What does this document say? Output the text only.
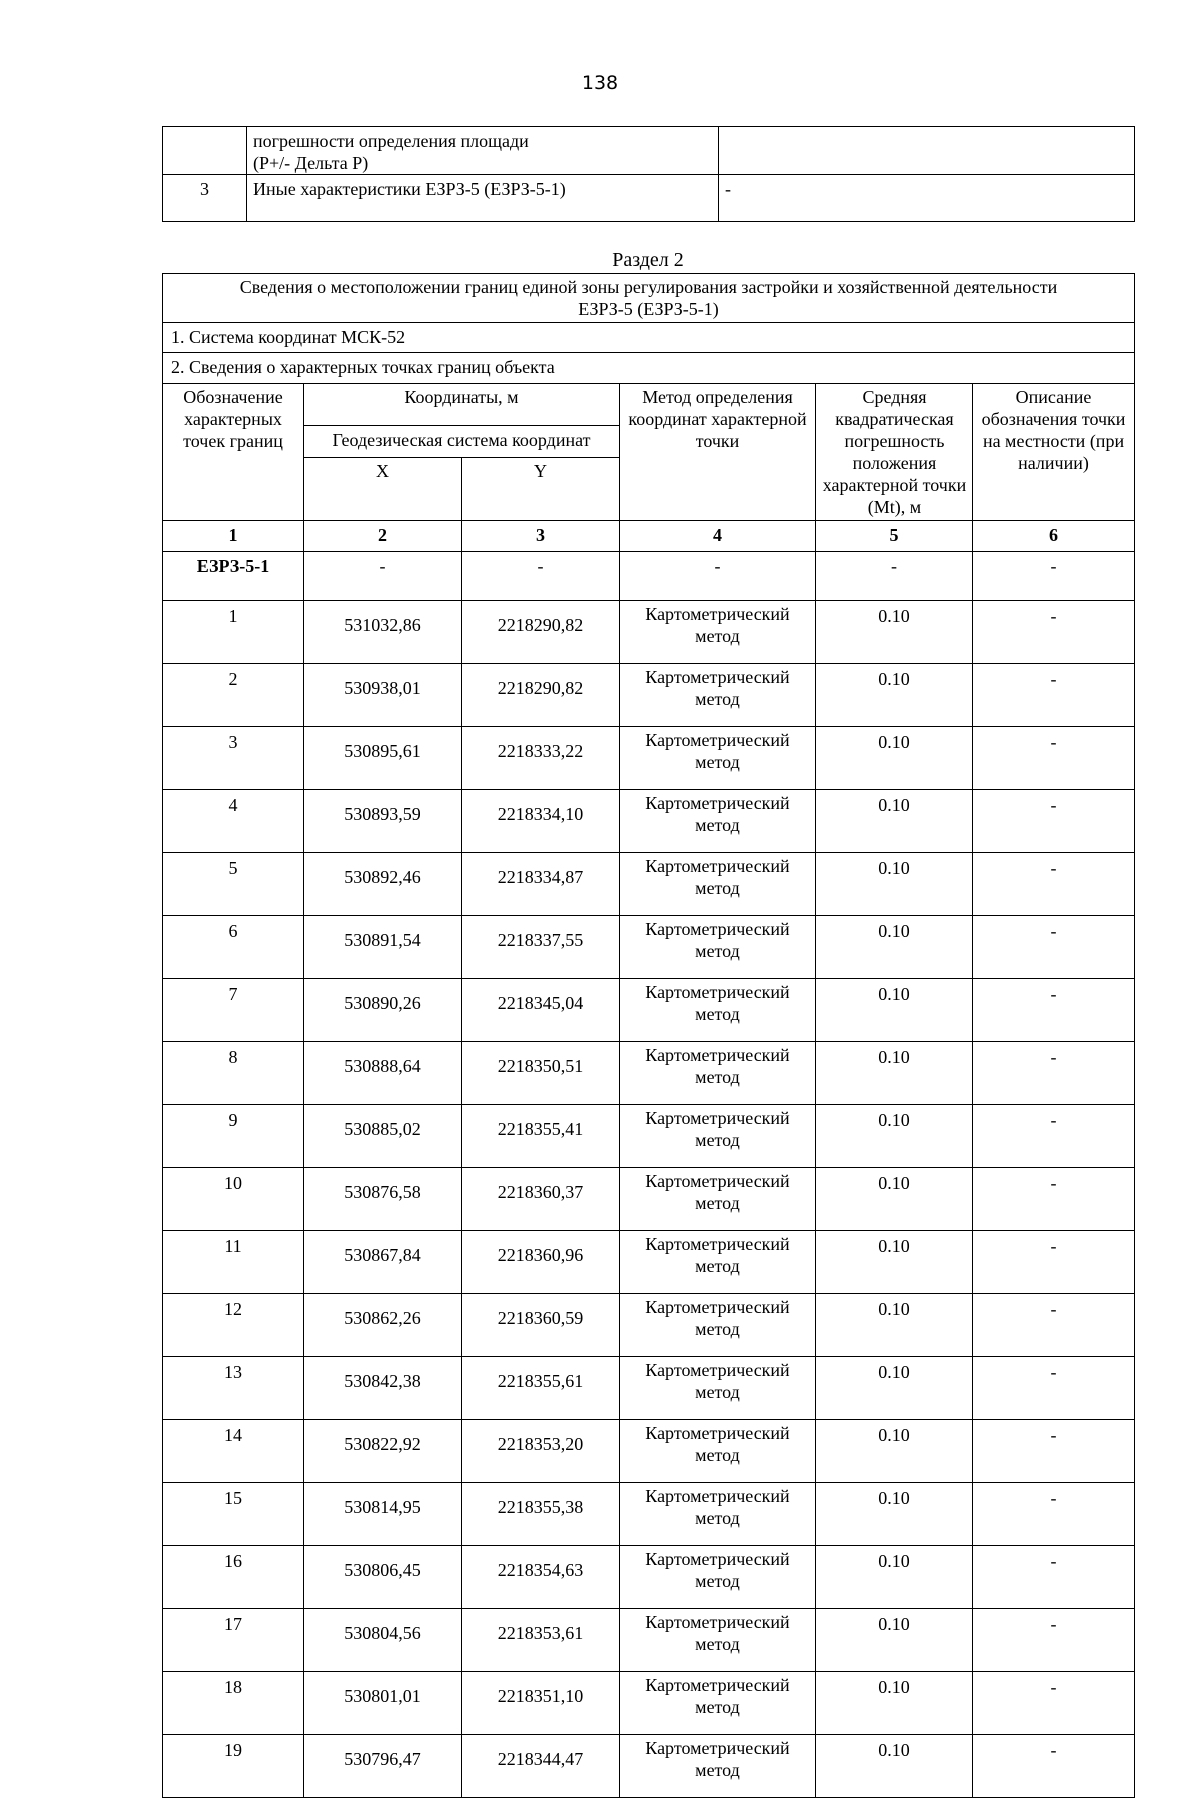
138

	погрешности определения площади
(Р+/- Дельта Р)	

3	Иные характеристики ЕЗРЗ-5 (ЕЗРЗ-5-1)	-
Раздел 2
Сведения о местоположении границ единой зоны регулирования застройки и хозяйственной деятельности
ЕЗРЗ-5 (ЕЗРЗ-5-1)					

1. Система координат МСК-52					
2. Сведения о характерных точках границ объекта					
Обозначение характерных точек границ	Координаты, м		Метод определения координат характерной точки	Средняя квадратическая погрешность положения характерной точки (Mt), м	Описание обозначения точки на местности (при наличии)
	Геодезическая система координат				
	X	Y			
1	2	3	4	5	6
ЕЗРЗ-5-1	-	-	-	-	-
1	531032,86	2218290,82	Картометрический метод	0.10	-
2	530938,01	2218290,82	Картометрический метод	0.10	-
3	530895,61	2218333,22	Картометрический метод	0.10	-
4	530893,59	2218334,10	Картометрический метод	0.10	-
5	530892,46	2218334,87	Картометрический метод	0.10	-
6	530891,54	2218337,55	Картометрический метод	0.10	-
7	530890,26	2218345,04	Картометрический метод	0.10	-
8	530888,64	2218350,51	Картометрический метод	0.10	-
9	530885,02	2218355,41	Картометрический метод	0.10	-
10	530876,58	2218360,37	Картометрический метод	0.10	-
11	530867,84	2218360,96	Картометрический метод	0.10	-
12	530862,26	2218360,59	Картометрический метод	0.10	-
13	530842,38	2218355,61	Картометрический метод	0.10	-
14	530822,92	2218353,20	Картометрический метод	0.10	-
15	530814,95	2218355,38	Картометрический метод	0.10	-
16	530806,45	2218354,63	Картометрический метод	0.10	-
17	530804,56	2218353,61	Картометрический метод	0.10	-
18	530801,01	2218351,10	Картометрический метод	0.10	-
19	530796,47	2218344,47	Картометрический метод	0.10	-
